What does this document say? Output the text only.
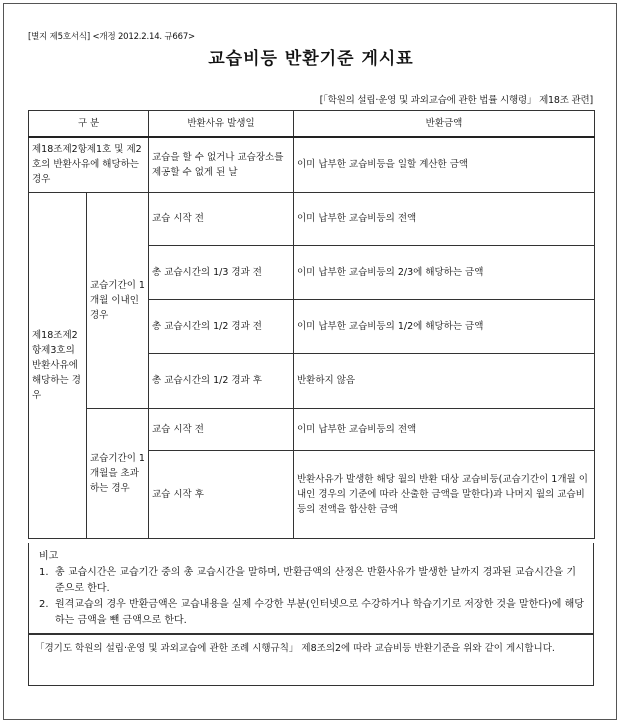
[별지 제5호서식] <개정 2012.2.14. 규667>
교습비등 반환기준 게시표
[「학원의 설립·운영 및 과외교습에 관한 법률 시행령」 제18조 관련]
구 분		반환사유 발생일	반환금액
제18조제2항제1호 및 제2호의 반환사유에 해당하는 경우		교습을 할 수 없거나 교습장소를 제공할 수 없게 된 날	이미 납부한 교습비등을 일할 계산한 금액
제18조제2항제3호의 반환사유에 해당하는 경우	교습기간이 1개월 이내인 경우	교습 시작 전	이미 납부한 교습비등의 전액
		총 교습시간의 1/3 경과 전	이미 납부한 교습비등의 2/3에 해당하는 금액
		총 교습시간의 1/2 경과 전	이미 납부한 교습비등의 1/2에 해당하는 금액
		총 교습시간의 1/2 경과 후	반환하지 않음
	교습기간이 1개월을 초과하는 경우	교습 시작 전	이미 납부한 교습비등의 전액
		교습 시작 후	반환사유가 발생한 해당 월의 반환 대상 교습비등(교습기간이 1개월 이내인 경우의 기준에 따라 산출한 금액을 말한다)과 나머지 월의 교습비등의 전액을 합산한 금액
비고
1. 총 교습시간은 교습기간 중의 총 교습시간을 말하며, 반환금액의 산정은 반환사유가 발생한 날까지 경과된 교습시간을 기준으로 한다.
2. 원격교습의 경우 반환금액은 교습내용을 실제 수강한 부분(인터넷으로 수강하거나 학습기기로 저장한 것을 말한다)에 해당하는 금액을 뺀 금액으로 한다.
「경기도 학원의 설립·운영 및 과외교습에 관한 조례 시행규칙」 제8조의2에 따라 교습비등 반환기준을 위와 같이 게시합니다.
